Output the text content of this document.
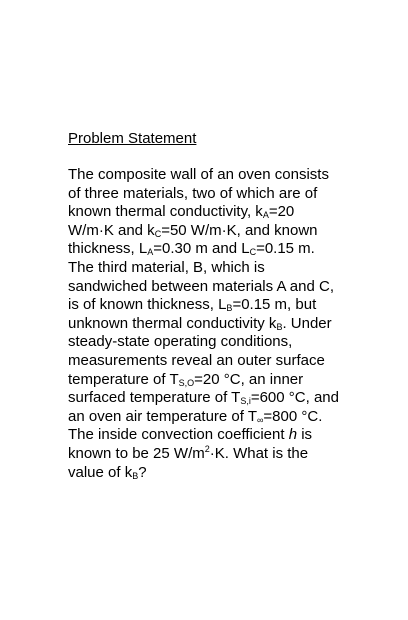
Problem Statement
The composite wall of an oven consists
of three materials, two of which are of
known thermal conductivity, $k_A=20$
W/m·K and $k_C=50$ W/m·K, and known
thickness, $L_A=0.30$ m and $L_C=0.15$ m.
The third material, B, which is
sandwiched between materials A and C,
is of known thickness, $L_B=0.15$ m, but
unknown thermal conductivity $k_B$. Under
steady-state operating conditions,
measurements reveal an outer surface
temperature of $T_{S,O}=20$ °C, an inner
surfaced temperature of $T_{S,i}=600$ °C, and
an oven air temperature of $T_\infty=800$ °C.
The inside convection coefficient h is
known to be 25 $W/m^2\cdot K$. What is the
value of $k_B$?
